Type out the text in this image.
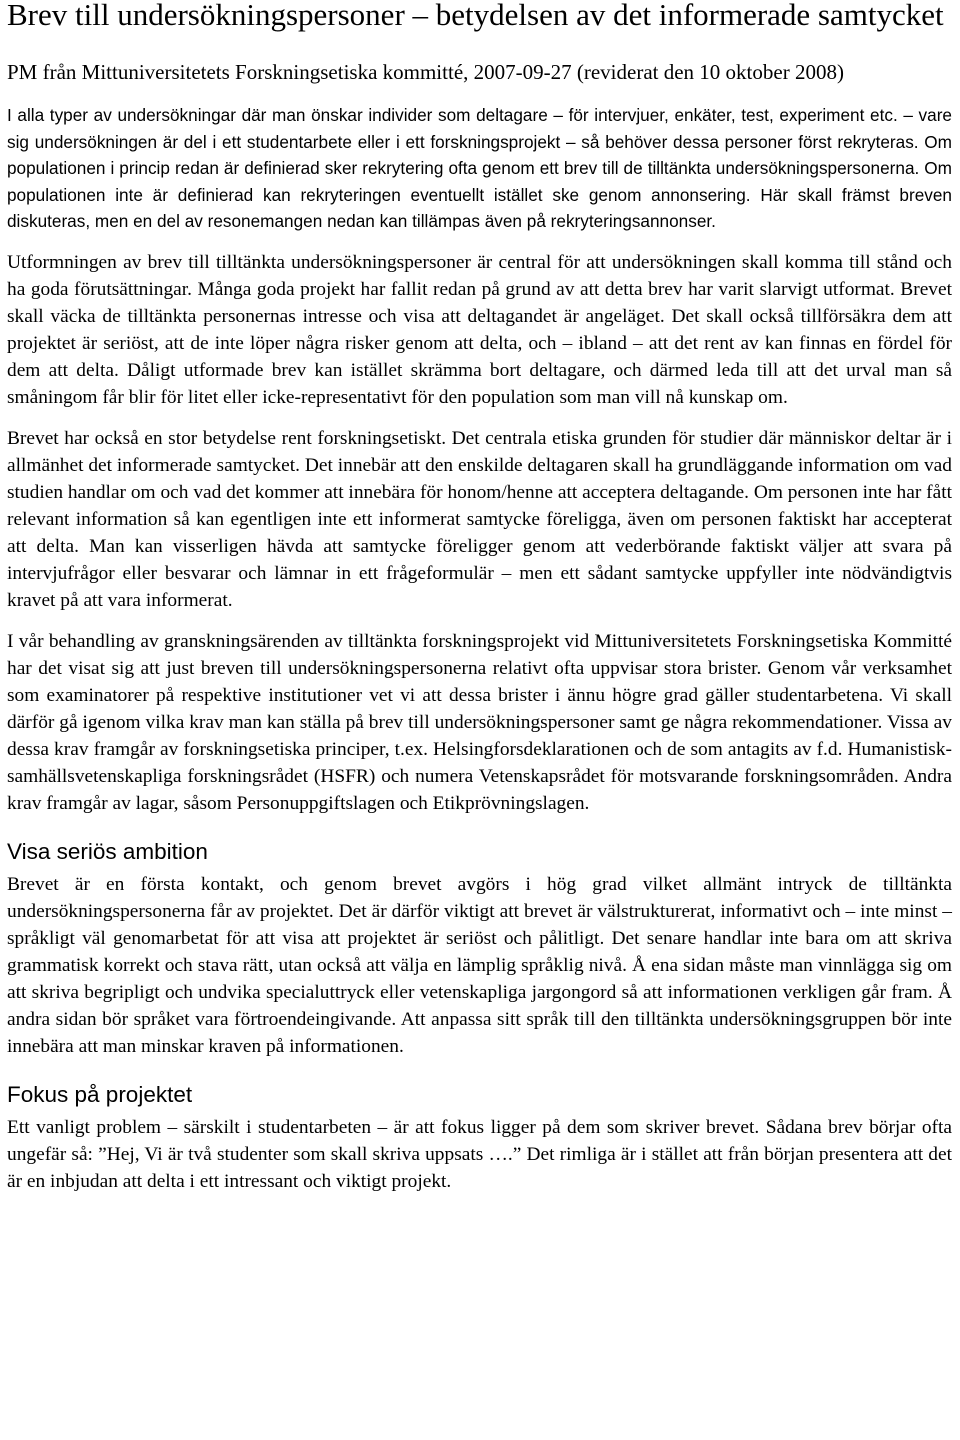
Brev till undersökningspersoner – betydelsen av det informerade samtycket
PM från Mittuniversitetets Forskningsetiska kommitté, 2007-09-27 (reviderat den 10 oktober 2008)

I alla typer av undersökningar där man önskar individer som deltagare – för intervjuer, enkäter, test, experiment etc. – vare sig undersökningen är del i ett studentarbete eller i ett forskningsprojekt – så behöver dessa personer först rekryteras. Om populationen i princip redan är definierad sker rekrytering ofta genom ett brev till de tilltänkta undersökningspersonerna. Om populationen inte är definierad kan rekryteringen eventuellt istället ske genom annonsering. Här skall främst breven diskuteras, men en del av resonemangen nedan kan tillämpas även på rekryteringsannonser.

Utformningen av brev till tilltänkta undersökningspersoner är central för att undersökningen skall komma till stånd och ha goda förutsättningar. Många goda projekt har fallit redan på grund av att detta brev har varit slarvigt utformat. Brevet skall väcka de tilltänkta personernas intresse och visa att deltagandet är angeläget. Det skall också tillförsäkra dem att projektet är seriöst, att de inte löper några risker genom att delta, och – ibland – att det rent av kan finnas en fördel för dem att delta. Dåligt utformade brev kan istället skrämma bort deltagare, och därmed leda till att det urval man så småningom får blir för litet eller icke-representativt för den population som man vill nå kunskap om.

Brevet har också en stor betydelse rent forskningsetiskt. Det centrala etiska grunden för studier där människor deltar är i allmänhet det informerade samtycket. Det innebär att den enskilde deltagaren skall ha grundläggande information om vad studien handlar om och vad det kommer att innebära för honom/henne att acceptera deltagande. Om personen inte har fått relevant information så kan egentligen inte ett informerat samtycke föreligga, även om personen faktiskt har accepterat att delta. Man kan visserligen hävda att samtycke föreligger genom att vederbörande faktiskt väljer att svara på intervjufrågor eller besvarar och lämnar in ett frågeformulär – men ett sådant samtycke uppfyller inte nödvändigtvis kravet på att vara informerat.

I vår behandling av granskningsärenden av tilltänkta forskningsprojekt vid Mittuniversitetets Forskningsetiska Kommitté har det visat sig att just breven till undersökningspersonerna relativt ofta uppvisar stora brister. Genom vår verksamhet som examinatorer på respektive institutioner vet vi att dessa brister i ännu högre grad gäller studentarbetena. Vi skall därför gå igenom vilka krav man kan ställa på brev till undersökningspersoner samt ge några rekommendationer. Vissa av dessa krav framgår av forskningsetiska principer, t.ex. Helsingforsdeklarationen och de som antagits av f.d. Humanistisk-samhällsvetenskapliga forskningsrådet (HSFR) och numera Vetenskapsrådet för motsvarande forskningsområden. Andra krav framgår av lagar, såsom Personuppgiftslagen och Etikprövningslagen.

Visa seriös ambition

Brevet är en första kontakt, och genom brevet avgörs i hög grad vilket allmänt intryck de tilltänkta undersökningspersonerna får av projektet. Det är därför viktigt att brevet är välstrukturerat, informativt och – inte minst – språkligt väl genomarbetat för att visa att projektet är seriöst och pålitligt. Det senare handlar inte bara om att skriva grammatisk korrekt och stava rätt, utan också att välja en lämplig språklig nivå. Å ena sidan måste man vinnlägga sig om att skriva begripligt och undvika specialuttryck eller vetenskapliga jargongord så att informationen verkligen går fram. Å andra sidan bör språket vara förtroendeingivande. Att anpassa sitt språk till den tilltänkta undersökningsgruppen bör inte innebära att man minskar kraven på informationen.

Fokus på projektet

Ett vanligt problem – särskilt i studentarbeten – är att fokus ligger på dem som skriver brevet. Sådana brev börjar ofta ungefär så: ”Hej, Vi är två studenter som skall skriva uppsats ….” Det rimliga är i stället att från början presentera att det är en inbjudan att delta i ett intressant och viktigt projekt.
